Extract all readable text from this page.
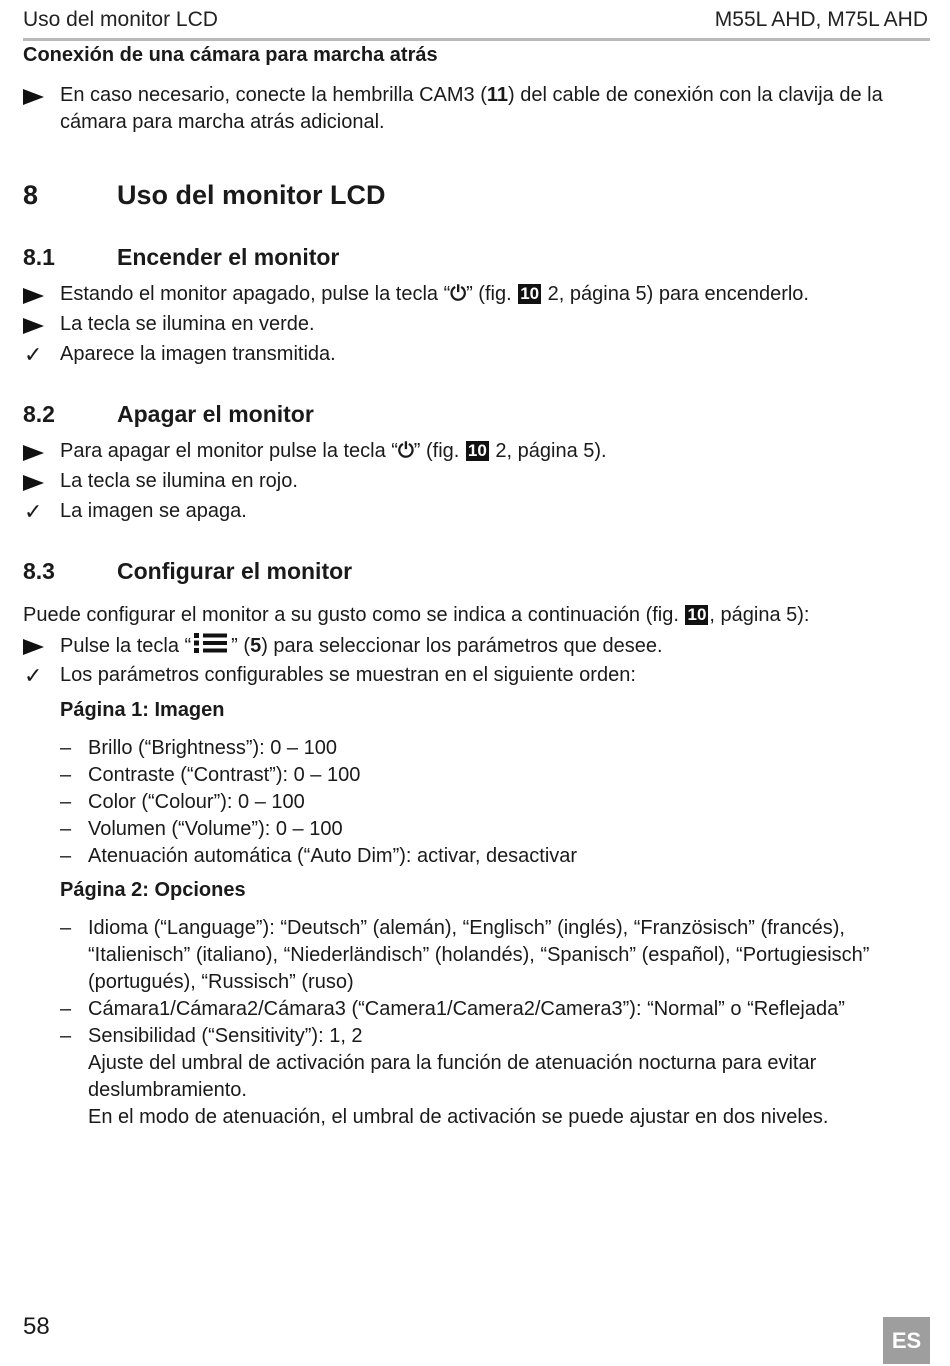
Uso del monitor LCD	M55L AHD, M75L AHD
Conexión de una cámara para marcha atrás
En caso necesario, conecte la hembrilla CAM3 (11) del cable de conexión con la clavija de la cámara para marcha atrás adicional.
8	Uso del monitor LCD
8.1	Encender el monitor
Estando el monitor apagado, pulse la tecla “⏻” (fig. 10 2, página 5) para encenderlo.
La tecla se ilumina en verde.
✓ Aparece la imagen transmitida.
8.2	Apagar el monitor
Para apagar el monitor pulse la tecla “⏻” (fig. 10 2, página 5).
La tecla se ilumina en rojo.
✓ La imagen se apaga.
8.3	Configurar el monitor
Puede configurar el monitor a su gusto como se indica a continuación (fig. 10 , página 5):
Pulse la tecla “ ” (5) para seleccionar los parámetros que desee.
✓ Los parámetros configurables se muestran en el siguiente orden:
Página 1: Imagen
– Brillo (“Brightness”): 0 – 100
– Contraste (“Contrast”): 0 – 100
– Color (“Colour”): 0 – 100
– Volumen (“Volume”): 0 – 100
– Atenuación automática (“Auto Dim”): activar, desactivar
Página 2: Opciones
– Idioma (“Language”): “Deutsch” (alemán), “Englisch” (inglés), “Französisch” (francés), “Italienisch” (italiano), “Niederländisch” (holandés), “Spanisch” (español), “Portugiesisch” (portugués), “Russisch” (ruso)
– Cámara1/Cámara2/Cámara3 (“Camera1/Camera2/Camera3”): “Normal” o “Reflejada”
– Sensibilidad (“Sensitivity”): 1, 2
Ajuste del umbral de activación para la función de atenuación nocturna para evitar deslumbramiento.
En el modo de atenuación, el umbral de activación se puede ajustar en dos niveles.
58
ES
